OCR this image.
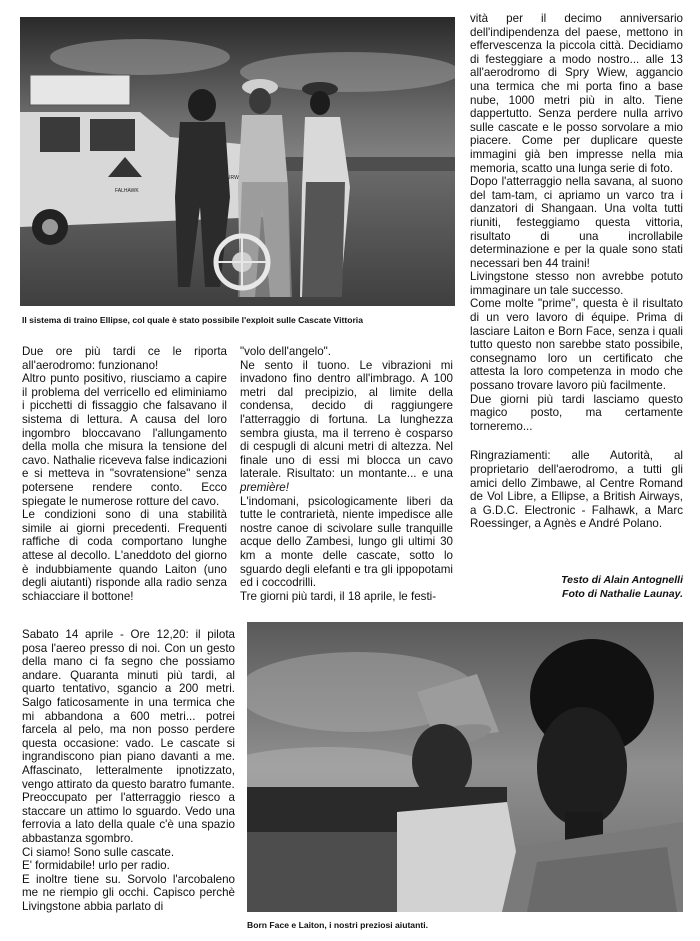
FALHAWK
AIRWAYS
Il sistema di traino Ellipse, col quale è stato possibile l'exploit sulle Cascate Vittoria

Due ore più tardi ce le riporta all'aerodromo: funzionano!

Altro punto positivo, riusciamo a capire il problema del verricello ed eliminiamo i picchetti di fissaggio che falsavano il sistema di lettura. A causa del loro ingombro bloccavano l'allungamento della molla che misura la tensione del cavo. Nathalie riceveva false indicazioni e si metteva in "sovratensione" senza potersene rendere conto. Ecco spiegate le numerose rotture del cavo.

Le condizioni sono di una stabilità simile ai giorni precedenti. Frequenti raffiche di coda comportano lunghe attese al decollo. L'aneddoto del giorno è indubbiamente quando Laiton (uno degli aiutanti) risponde alla radio senza schiacciare il bottone!

"volo dell'angelo".

Ne sento il tuono. Le vibrazioni mi invadono fino dentro all'imbrago. A 100 metri dal precipizio, al limite della condensa, decido di raggiungere l'atterraggio di fortuna. La lunghezza sembra giusta, ma il terreno è cosparso di cespugli di alcuni metri di altezza. Nel finale uno di essi mi blocca un cavo laterale. Risultato: un montante... e una première!

L'indomani, psicologicamente liberi da tutte le contrarietà, niente impedisce alle nostre canoe di scivolare sulle tranquille acque dello Zambesi, lungo gli ultimi 30 km a monte delle cascate, sotto lo sguardo degli elefanti e tra gli ippopotami ed i coccodrilli.

Tre giorni più tardi, il 18 aprile, le festi-

vità per il decimo anniversario dell'indipendenza del paese, mettono in effervescenza la piccola città. Decidiamo di festeggiare a modo nostro... alle 13 all'aerodromo di Spry Wiew, aggancio una termica che mi porta fino a base nube, 1000 metri più in alto. Tiene dappertutto. Senza perdere nulla arrivo sulle cascate e le posso sorvolare a mio piacere. Come per duplicare queste immagini già ben impresse nella mia memoria, scatto una lunga serie di foto.

Dopo l'atterraggio nella savana, al suono del tam-tam, ci apriamo un varco tra i danzatori di Shangaan. Una volta tutti riuniti, festeggiamo questa vittoria, risultato di una incrollabile determinazione e per la quale sono stati necessari ben 44 traini!

Livingstone stesso non avrebbe potuto immaginare un tale successo.

Come molte "prime", questa è il risultato di un vero lavoro di équipe. Prima di lasciare Laiton e Born Face, senza i quali tutto questo non sarebbe stato possibile, consegnamo loro un certificato che attesta la loro competenza in modo che possano trovare lavoro più facilmente.

Due giorni più tardi lasciamo questo magico posto, ma certamente torneremo...

Ringraziamenti: alle Autorità, al proprietario dell'aerodromo, a tutti gli amici dello Zimbawe, al Centre Romand de Vol Libre, a Ellipse, a British Airways, a G.D.C. Electronic - Falhawk, a Marc Roessinger, a Agnès e André Polano.

Testo di Alain Antognelli
Foto di Nathalie Launay.

Sabato 14 aprile - Ore 12,20: il pilota posa l'aereo presso di noi. Con un gesto della mano ci fa segno che possiamo andare. Quaranta minuti più tardi, al quarto tentativo, sgancio a 200 metri. Salgo faticosamente in una termica che mi abbandona a 600 metri... potrei farcela al pelo, ma non posso perdere questa occasione: vado. Le cascate si ingrandiscono pian piano davanti a me. Affascinato, letteralmente ipnotizzato, vengo attirato da questo baratro fumante.

Preoccupato per l'atterraggio riesco a staccare un attimo lo sguardo. Vedo una ferrovia a lato della quale c'è una spazio abbastanza sgombro.

Ci siamo! Sono sulle cascate.

E' formidabile! urlo per radio.

E inoltre tiene su. Sorvolo l'arcobaleno me ne riempio gli occhi. Capisco perchè Livingstone abbia parlato di

Born Face e Laiton, i nostri preziosi aiutanti.
